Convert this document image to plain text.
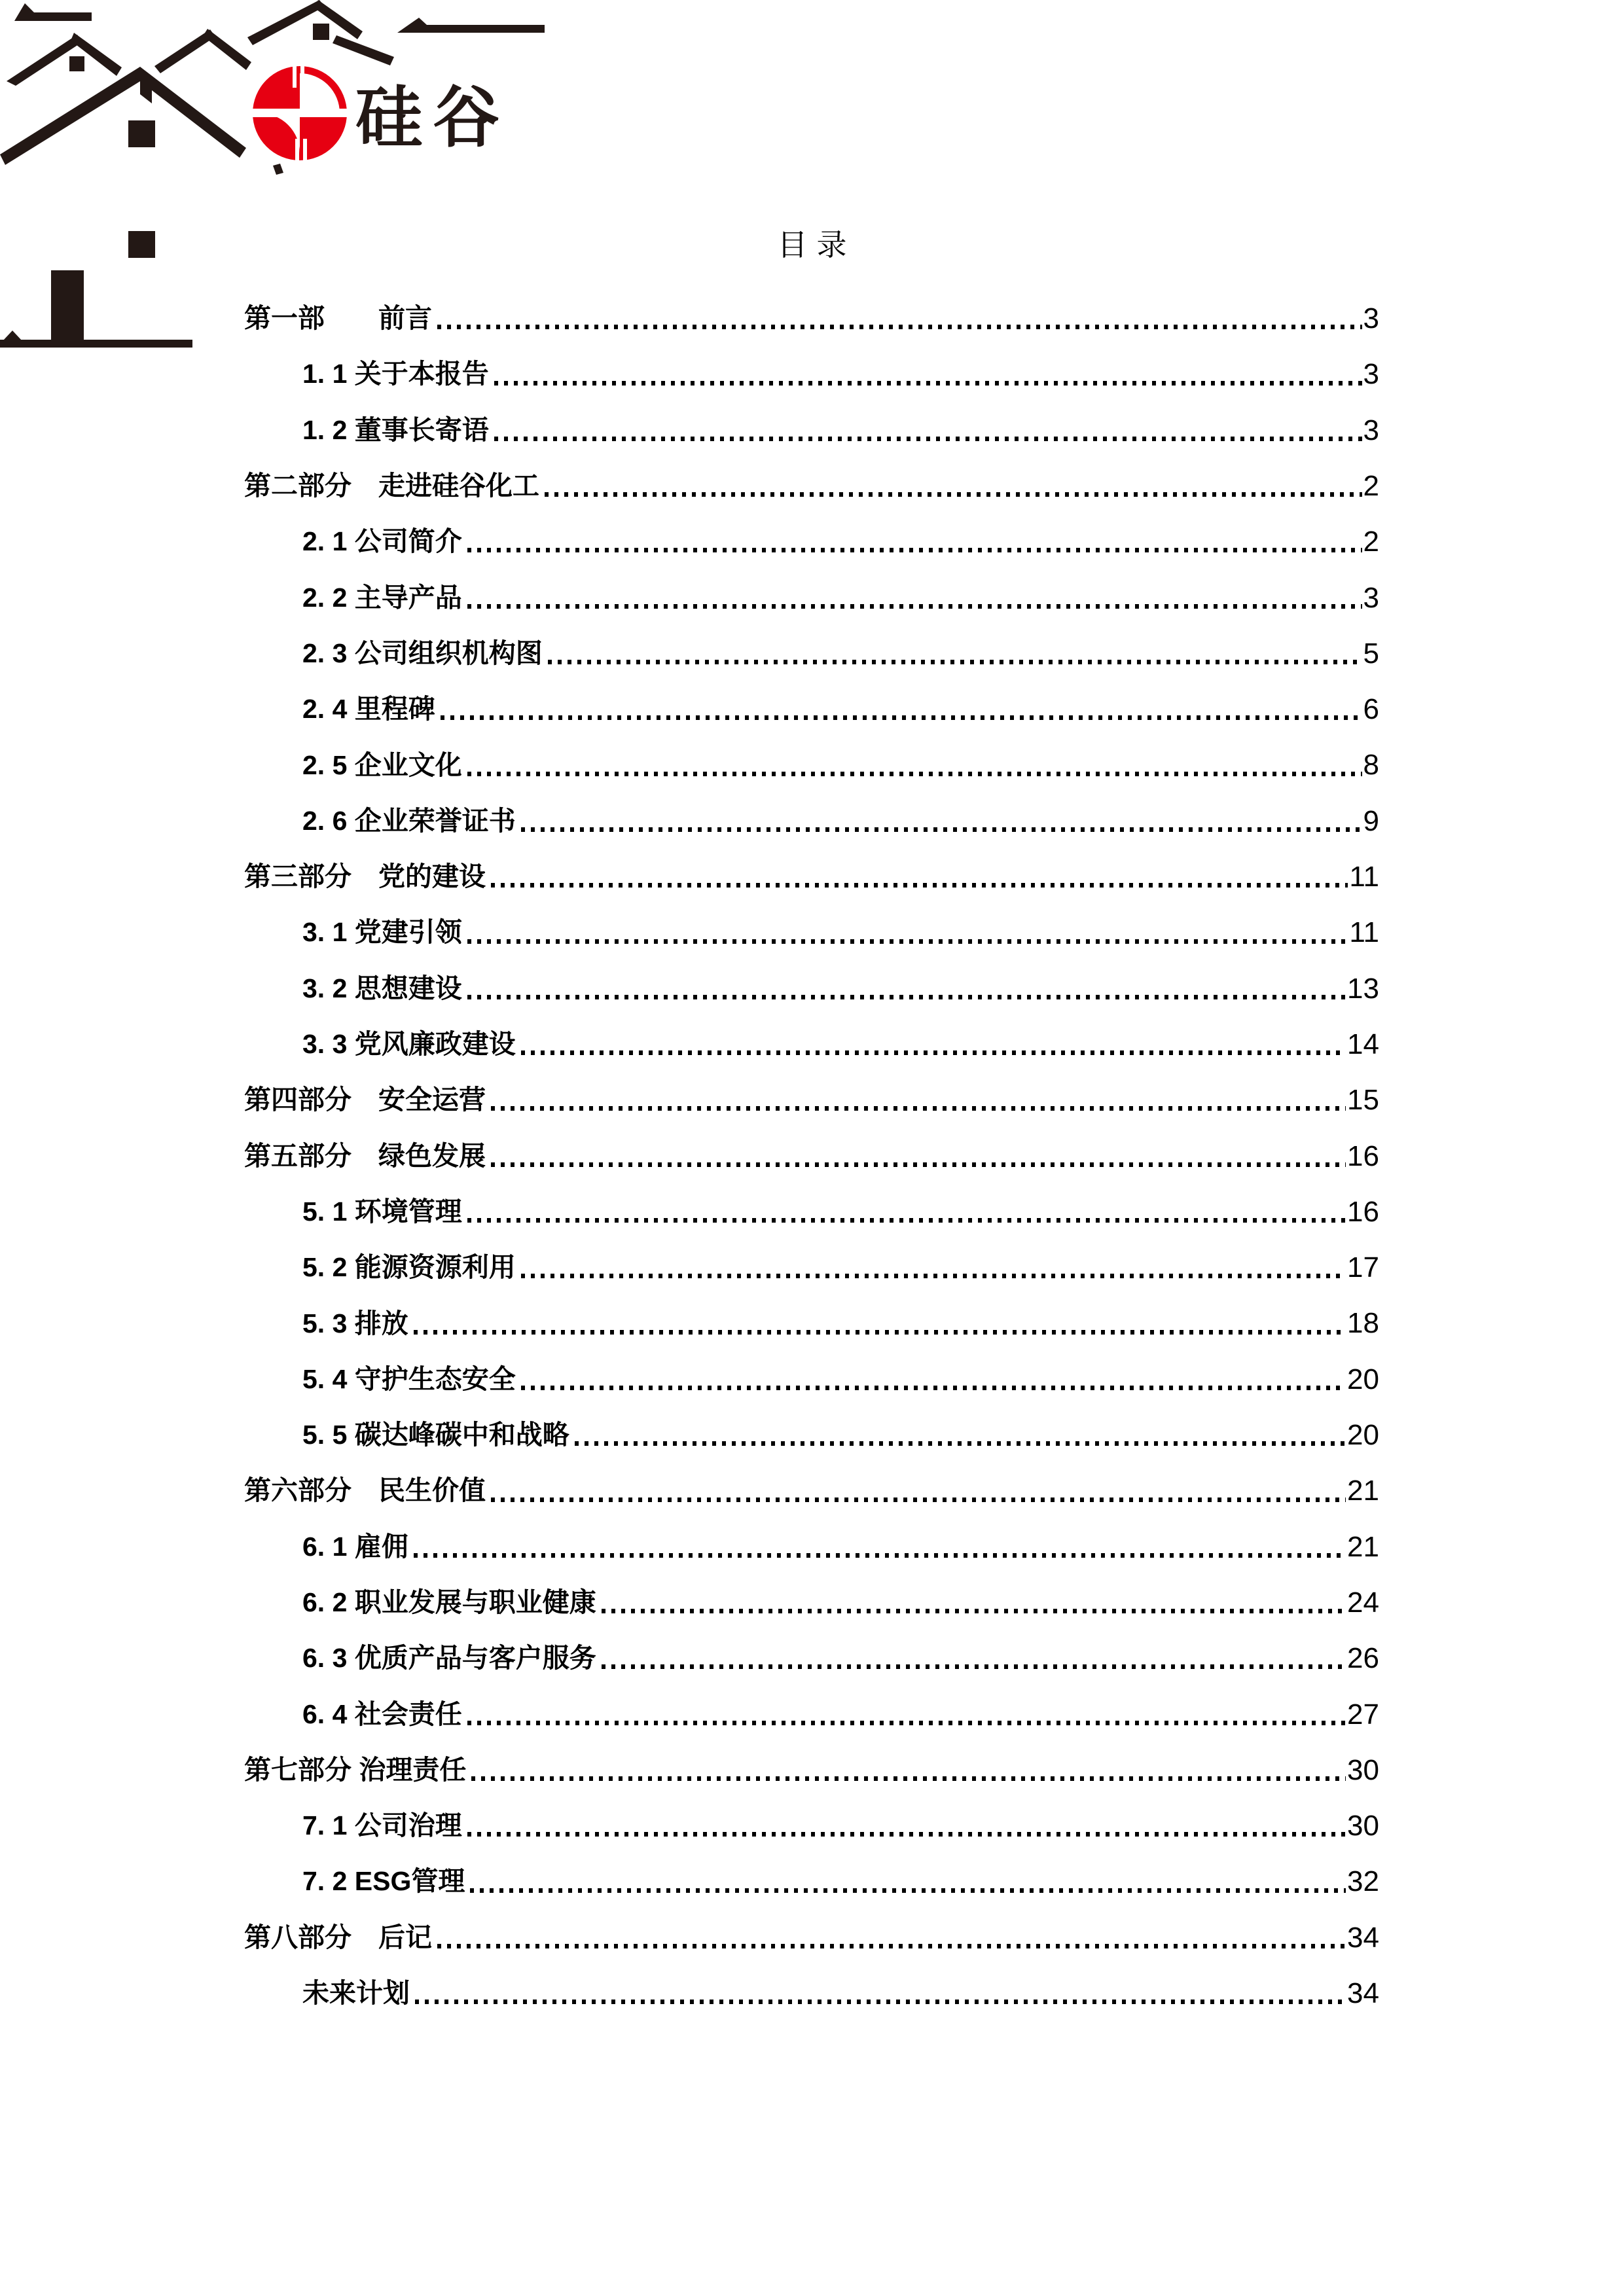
硅谷
目录
第一部　　前言	3
1. 1 关于本报告	3
1. 2 董事长寄语	3
第二部分　走进硅谷化工	2
2. 1 公司简介	2
2. 2 主导产品	3
2. 3 公司组织机构图	5
2. 4 里程碑	6
2. 5 企业文化	8
2. 6 企业荣誉证书	9
第三部分　党的建设	11
3. 1 党建引领	11
3. 2 思想建设	13
3. 3 党风廉政建设	14
第四部分　安全运营	15
第五部分　绿色发展	16
5. 1 环境管理	16
5. 2 能源资源利用	17
5. 3 排放	18
5. 4 守护生态安全	20
5. 5 碳达峰碳中和战略	20
第六部分　民生价值	21
6. 1 雇佣	21
6. 2 职业发展与职业健康	24
6. 3 优质产品与客户服务	26
6. 4 社会责任	27
第七部分 治理责任	30
7. 1 公司治理	30
7. 2 ESG管理	32
第八部分　后记	34
未来计划	34
